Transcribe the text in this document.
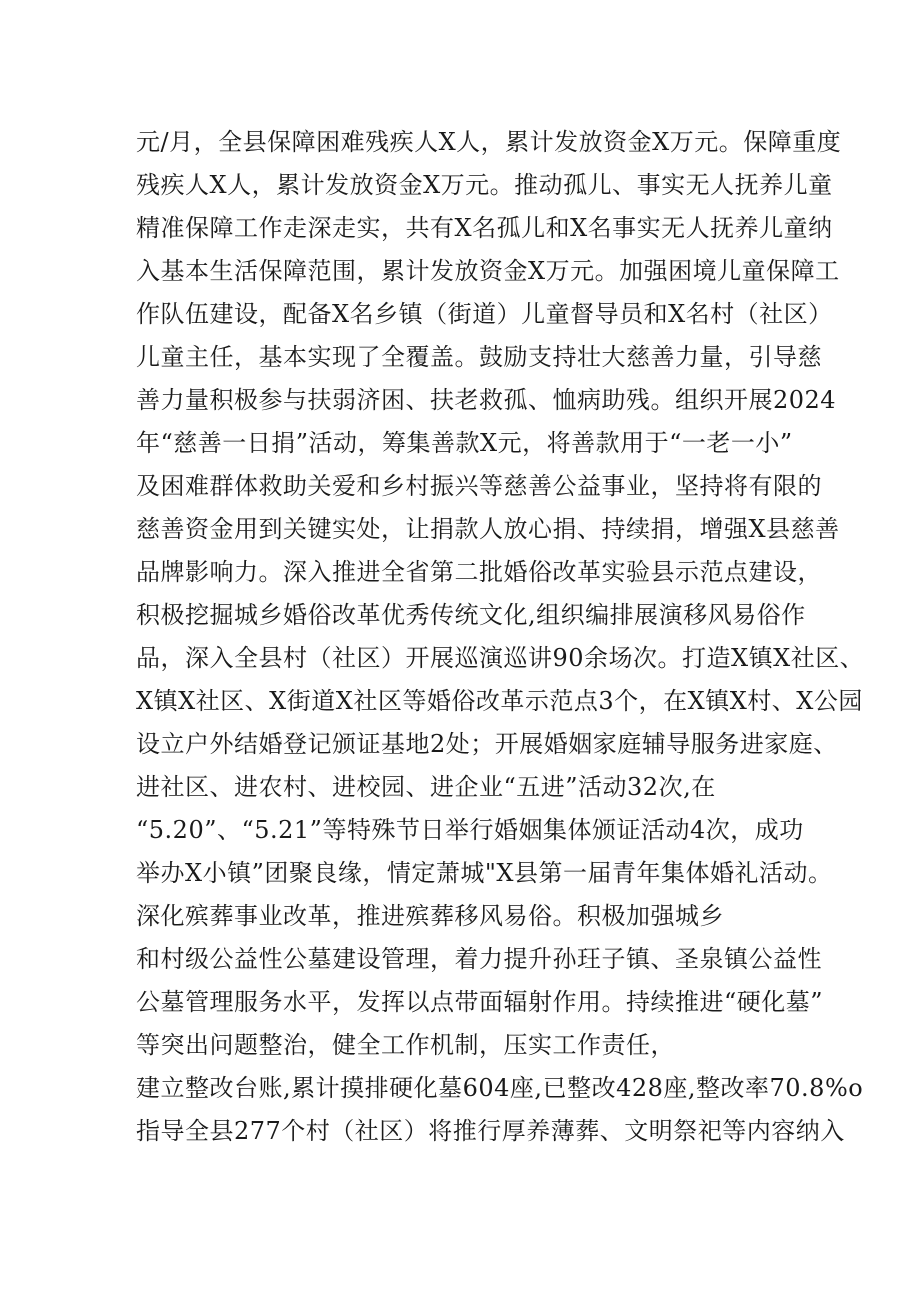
元/月，全县保障困难残疾人X人，累计发放资金X万元。保障重度
残疾人X人，累计发放资金X万元。推动孤儿、事实无人抚养儿童
精准保障工作走深走实，共有X名孤儿和X名事实无人抚养儿童纳
入基本生活保障范围，累计发放资金X万元。加强困境儿童保障工
作队伍建设，配备X名乡镇（街道）儿童督导员和X名村（社区）
儿童主任，基本实现了全覆盖。鼓励支持壮大慈善力量，引导慈
善力量积极参与扶弱济困、扶老救孤、恤病助残。组织开展2024
年“慈善一日捐”活动，筹集善款X元，将善款用于“一老一小”
及困难群体救助关爱和乡村振兴等慈善公益事业，坚持将有限的
慈善资金用到关键实处，让捐款人放心捐、持续捐，增强X县慈善
品牌影响力。深入推进全省第二批婚俗改革实验县示范点建设，
积极挖掘城乡婚俗改革优秀传统文化,组织编排展演移风易俗作
品，深入全县村（社区）开展巡演巡讲90余场次。打造X镇X社区、
X镇X社区、X街道X社区等婚俗改革示范点3个，在X镇X村、X公园
设立户外结婚登记颁证基地2处；开展婚姻家庭辅导服务进家庭、
进社区、进农村、进校园、进企业“五进”活动32次,在
“5.20”、“5.21”等特殊节日举行婚姻集体颁证活动4次，成功
举办X小镇”团聚良缘，情定萧城"X县第一届青年集体婚礼活动。
深化殡葬事业改革，推进殡葬移风易俗。积极加强城乡
和村级公益性公墓建设管理，着力提升孙玨子镇、圣泉镇公益性
公墓管理服务水平，发挥以点带面辐射作用。持续推进“硬化墓”
等突出问题整治，健全工作机制，压实工作责任，
建立整改台账,累计摸排硬化墓604座,已整改428座,整改率70.8%o
指导全县277个村（社区）将推行厚养薄葬、文明祭祀等内容纳入
